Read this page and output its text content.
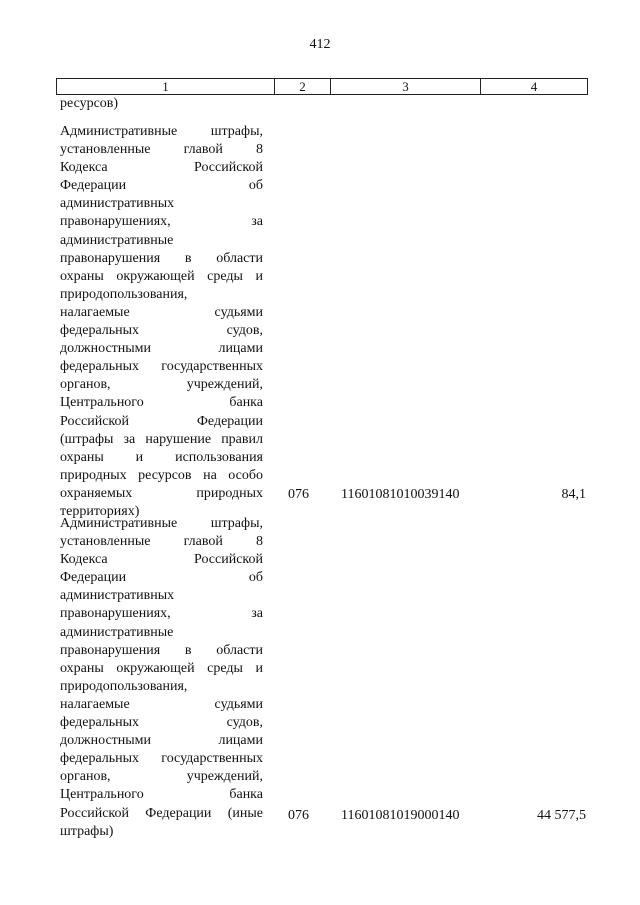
412
1	2	3	4
ресурсов)
Административные штрафы,
установленные главой 8
Кодекса Российской
Федерации об
административных
правонарушениях, за
административные
правонарушения в области
охраны окружающей среды и
природопользования,
налагаемые судьями
федеральных судов,
должностными лицами
федеральных государственных
органов, учреждений,
Центрального банка
Российской Федерации
(штрафы за нарушение правил
охраны и использования
природных ресурсов на особо
охраняемых природных
территориях)
076	11601081010039140	84,1
Административные штрафы,
установленные главой 8
Кодекса Российской
Федерации об
административных
правонарушениях, за
административные
правонарушения в области
охраны окружающей среды и
природопользования,
налагаемые судьями
федеральных судов,
должностными лицами
федеральных государственных
органов, учреждений,
Центрального банка
Российской Федерации (иные
штрафы)
076	11601081019000140	44 577,5
